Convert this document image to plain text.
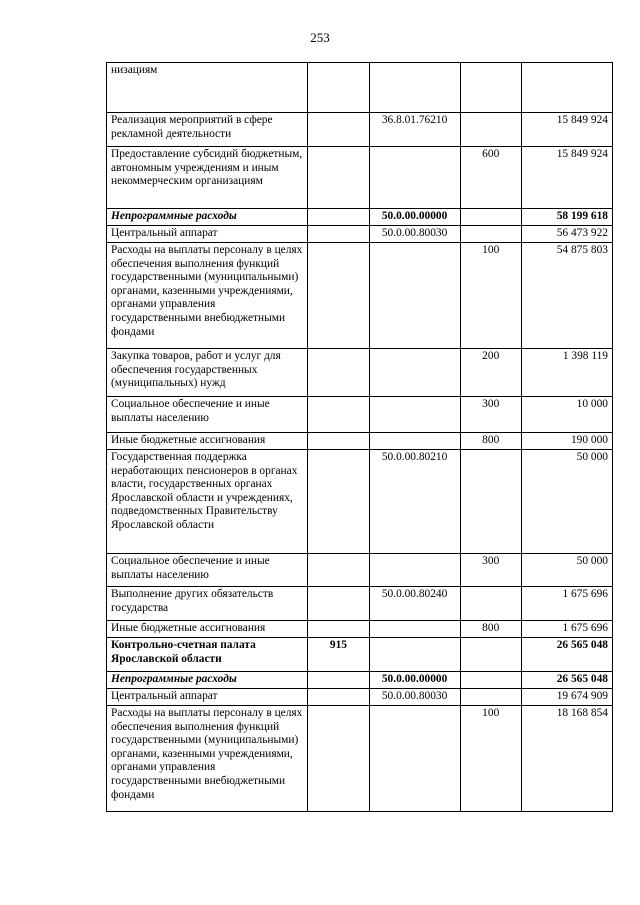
253
низациям				
Реализация мероприятий в сфере рекламной деятельности		36.8.01.76210		15 849 924
Предоставление субсидий бюджетным, автономным учреждениям и иным некоммерческим организациям			600	15 849 924
Непрограммные расходы		50.0.00.00000		58 199 618
Центральный аппарат		50.0.00.80030		56 473 922
Расходы на выплаты персоналу в целях обеспечения выполнения функций государственными (муниципальными) органами, казенными учреждениями, органами управления государственными внебюджетными фондами			100	54 875 803
Закупка товаров, работ и услуг для обеспечения государственных (муниципальных) нужд			200	1 398 119
Социальное обеспечение и иные выплаты населению			300	10 000
Иные бюджетные ассигнования			800	190 000
Государственная поддержка неработающих пенсионеров в органах власти, государственных органах Ярославской области и учреждениях, подведомственных Правительству Ярославской области		50.0.00.80210		50 000
Социальное обеспечение и иные выплаты населению			300	50 000
Выполнение других обязательств государства		50.0.00.80240		1 675 696
Иные бюджетные ассигнования			800	1 675 696
Контрольно-счетная палата Ярославской области	915			26 565 048
Непрограммные расходы		50.0.00.00000		26 565 048
Центральный аппарат		50.0.00.80030		19 674 909
Расходы на выплаты персоналу в целях обеспечения выполнения функций государственными (муниципальными) органами, казенными учреждениями, органами управления государственными внебюджетными фондами			100	18 168 854
